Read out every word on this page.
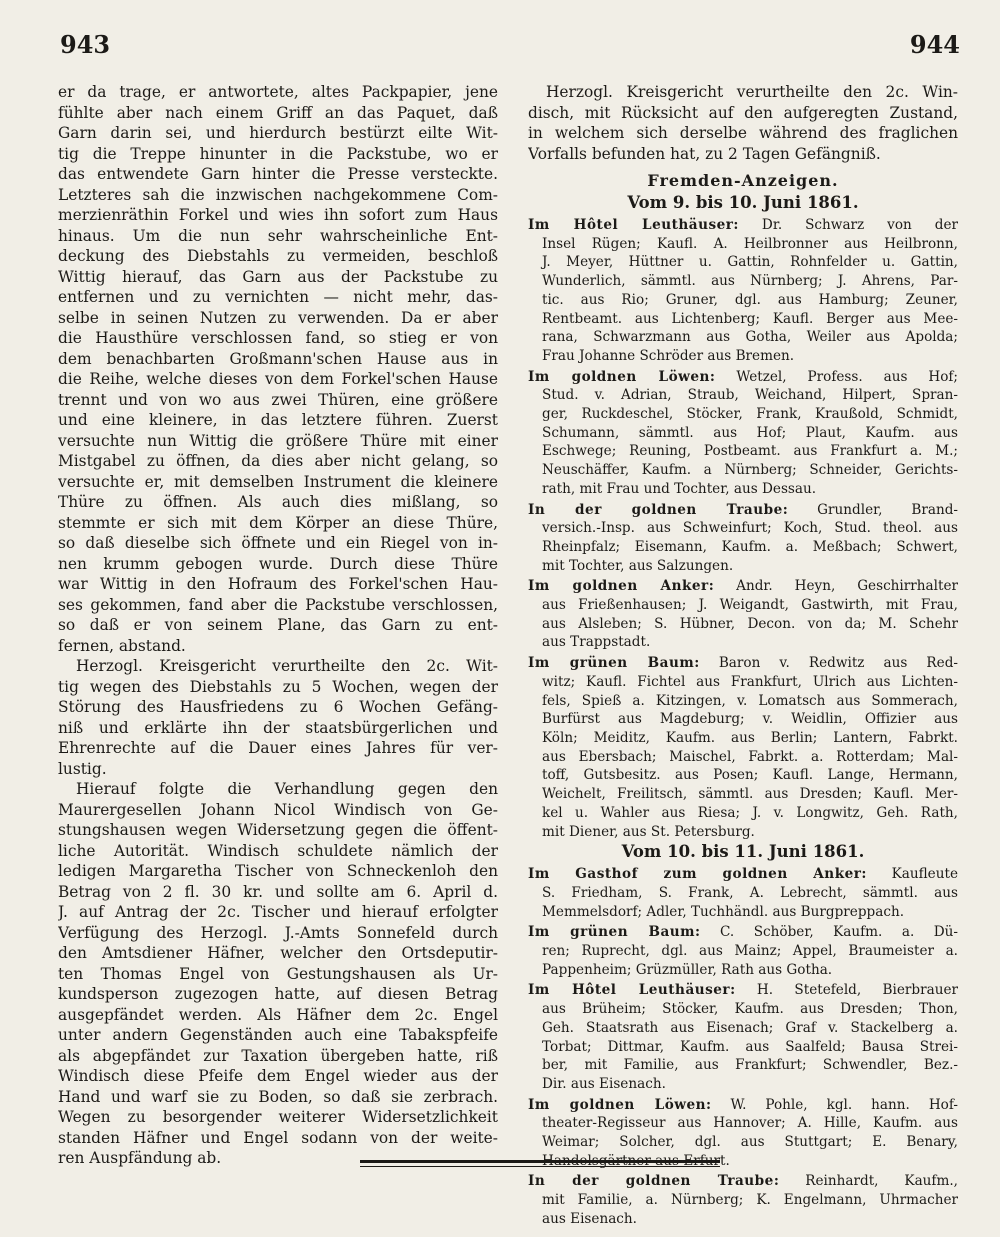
943	944
er da trage, er antwortete, altes Packpapier, jene
fühlte aber nach einem Griff an das Paquet, daß
Garn darin sei, und hierdurch bestürzt eilte Wit-
tig die Treppe hinunter in die Packstube, wo er
das entwendete Garn hinter die Presse versteckte.
Letzteres sah die inzwischen nachgekommene Com-
merzienräthin Forkel und wies ihn sofort zum Haus
hinaus. Um die nun sehr wahrscheinliche Ent-
deckung des Diebstahls zu vermeiden, beschloß
Wittig hierauf, das Garn aus der Packstube zu
entfernen und zu vernichten — nicht mehr, das-
selbe in seinen Nutzen zu verwenden. Da er aber
die Hausthüre verschlossen fand, so stieg er von
dem benachbarten Großmann'schen Hause aus in
die Reihe, welche dieses von dem Forkel'schen Hause
trennt und von wo aus zwei Thüren, eine größere
und eine kleinere, in das letztere führen. Zuerst
versuchte nun Wittig die größere Thüre mit einer
Mistgabel zu öffnen, da dies aber nicht gelang, so
versuchte er, mit demselben Instrument die kleinere
Thüre zu öffnen. Als auch dies mißlang, so
stemmte er sich mit dem Körper an diese Thüre,
so daß dieselbe sich öffnete und ein Riegel von in-
nen krumm gebogen wurde. Durch diese Thüre
war Wittig in den Hofraum des Forkel'schen Hau-
ses gekommen, fand aber die Packstube verschlossen,
so daß er von seinem Plane, das Garn zu ent-
fernen, abstand.
Herzogl. Kreisgericht verurtheilte den 2c. Wit-
tig wegen des Diebstahls zu 5 Wochen, wegen der
Störung des Hausfriedens zu 6 Wochen Gefäng-
niß und erklärte ihn der staatsbürgerlichen und
Ehrenrechte auf die Dauer eines Jahres für ver-
lustig.
Hierauf folgte die Verhandlung gegen den
Maurergesellen Johann Nicol Windisch von Ge-
stungshausen wegen Widersetzung gegen die öffent-
liche Autorität. Windisch schuldete nämlich der
ledigen Margaretha Tischer von Schneckenloh den
Betrag von 2 fl. 30 kr. und sollte am 6. April d.
J. auf Antrag der 2c. Tischer und hierauf erfolgter
Verfügung des Herzogl. J.-Amts Sonnefeld durch
den Amtsdiener Häfner, welcher den Ortsdeputir-
ten Thomas Engel von Gestungshausen als Ur-
kundsperson zugezogen hatte, auf diesen Betrag
ausgepfändet werden. Als Häfner dem 2c. Engel
unter andern Gegenständen auch eine Tabakspfeife
als abgepfändet zur Taxation übergeben hatte, riß
Windisch diese Pfeife dem Engel wieder aus der
Hand und warf sie zu Boden, so daß sie zerbrach.
Wegen zu besorgender weiterer Widersetzlichkeit
standen Häfner und Engel sodann von der weite-
ren Auspfändung ab.
Herzogl. Kreisgericht verurtheilte den 2c. Win-
disch, mit Rücksicht auf den aufgeregten Zustand,
in welchem sich derselbe während des fraglichen
Vorfalls befunden hat, zu 2 Tagen Gefängniß.
Fremden-Anzeigen.
Vom 9. bis 10. Juni 1861.
Im Hôtel Leuthäuser: Dr. Schwarz von der
Insel Rügen; Kaufl. A. Heilbronner aus Heilbronn,
J. Meyer, Hüttner u. Gattin, Rohnfelder u. Gattin,
Wunderlich, sämmtl. aus Nürnberg; J. Ahrens, Par-
tic. aus Rio; Gruner, dgl. aus Hamburg; Zeuner,
Rentbeamt. aus Lichtenberg; Kaufl. Berger aus Mee-
rana, Schwarzmann aus Gotha, Weiler aus Apolda;
Frau Johanne Schröder aus Bremen.
Im goldnen Löwen: Wetzel, Profess. aus Hof;
Stud. v. Adrian, Straub, Weichand, Hilpert, Spran-
ger, Ruckdeschel, Stöcker, Frank, Kraußold, Schmidt,
Schumann, sämmtl. aus Hof; Plaut, Kaufm. aus
Eschwege; Reuning, Postbeamt. aus Frankfurt a. M.;
Neuschäffer, Kaufm. a Nürnberg; Schneider, Gerichts-
rath, mit Frau und Tochter, aus Dessau.
In der goldnen Traube: Grundler, Brand-
versich.-Insp. aus Schweinfurt; Koch, Stud. theol. aus
Rheinpfalz; Eisemann, Kaufm. a. Meßbach; Schwert,
mit Tochter, aus Salzungen.
Im goldnen Anker: Andr. Heyn, Geschirrhalter
aus Frießenhausen; J. Weigandt, Gastwirth, mit Frau,
aus Alsleben; S. Hübner, Decon. von da; M. Schehr
aus Trappstadt.
Im grünen Baum: Baron v. Redwitz aus Red-
witz; Kaufl. Fichtel aus Frankfurt, Ulrich aus Lichten-
fels, Spieß a. Kitzingen, v. Lomatsch aus Sommerach,
Burfürst aus Magdeburg; v. Weidlin, Offizier aus
Köln; Meiditz, Kaufm. aus Berlin; Lantern, Fabrkt.
aus Ebersbach; Maischel, Fabrkt. a. Rotterdam; Mal-
toff, Gutsbesitz. aus Posen; Kaufl. Lange, Hermann,
Weichelt, Freilitsch, sämmtl. aus Dresden; Kaufl. Mer-
kel u. Wahler aus Riesa; J. v. Longwitz, Geh. Rath,
mit Diener, aus St. Petersburg.
Vom 10. bis 11. Juni 1861.
Im Gasthof zum goldnen Anker: Kaufleute
S. Friedham, S. Frank, A. Lebrecht, sämmtl. aus
Memmelsdorf; Adler, Tuchhändl. aus Burgpreppach.
Im grünen Baum: C. Schöber, Kaufm. a. Dü-
ren; Ruprecht, dgl. aus Mainz; Appel, Braumeister a.
Pappenheim; Grüzmüller, Rath aus Gotha.
Im Hôtel Leuthäuser: H. Stetefeld, Bierbrauer
aus Brüheim; Stöcker, Kaufm. aus Dresden; Thon,
Geh. Staatsrath aus Eisenach; Graf v. Stackelberg a.
Torbat; Dittmar, Kaufm. aus Saalfeld; Bausa Strei-
ber, mit Familie, aus Frankfurt; Schwendler, Bez.-
Dir. aus Eisenach.
Im goldnen Löwen: W. Pohle, kgl. hann. Hof-
theater-Regisseur aus Hannover; A. Hille, Kaufm. aus
Weimar; Solcher, dgl. aus Stuttgart; E. Benary,
Handelsgärtner aus Erfurt.
In der goldnen Traube: Reinhardt, Kaufm.,
mit Familie, a. Nürnberg; K. Engelmann, Uhrmacher
aus Eisenach.
